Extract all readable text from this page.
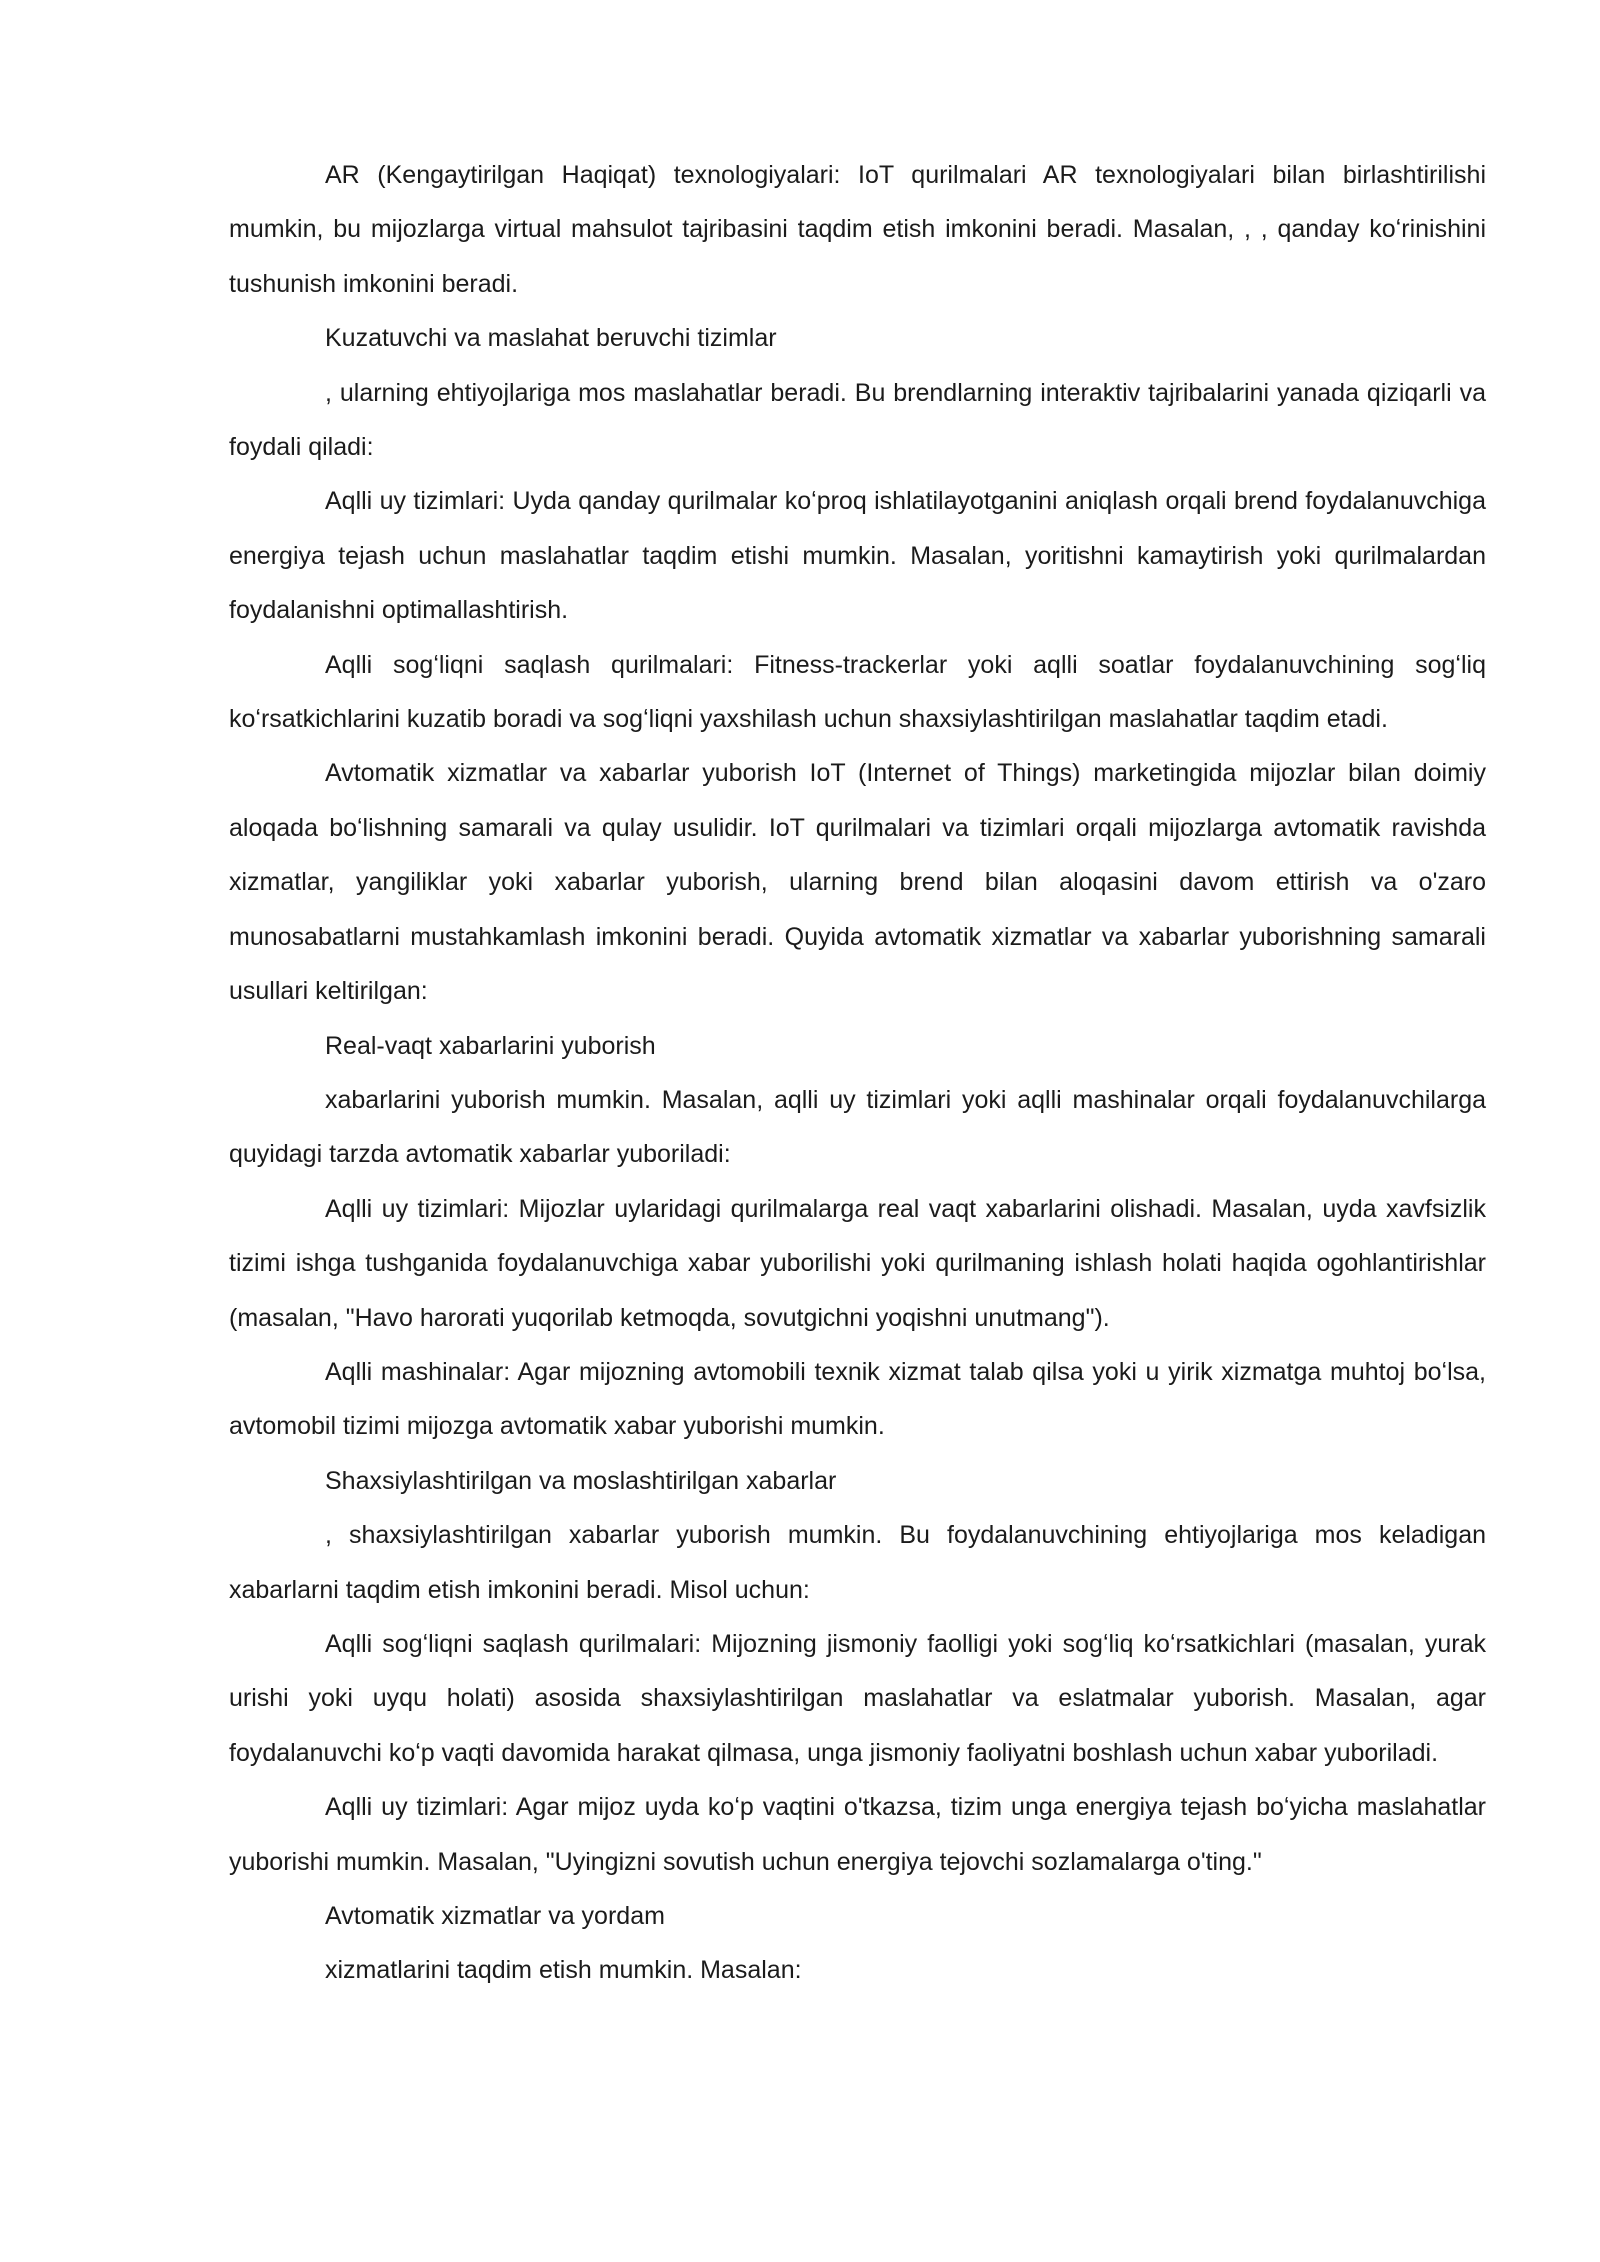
AR (Kengaytirilgan Haqiqat) texnologiyalari: IoT qurilmalari AR texnologiyalari bilan birlashtirilishi mumkin, bu mijozlarga virtual mahsulot tajribasini taqdim etish imkonini beradi. Masalan, , , qanday koʻrinishini tushunish imkonini beradi.

Kuzatuvchi va maslahat beruvchi tizimlar

, ularning ehtiyojlariga mos maslahatlar beradi. Bu brendlarning interaktiv tajribalarini yanada qiziqarli va foydali qiladi:

Aqlli uy tizimlari: Uyda qanday qurilmalar koʻproq ishlatilayotganini aniqlash orqali brend foydalanuvchiga energiya tejash uchun maslahatlar taqdim etishi mumkin. Masalan, yoritishni kamaytirish yoki qurilmalardan foydalanishni optimallashtirish.

Aqlli sogʻliqni saqlash qurilmalari: Fitness-trackerlar yoki aqlli soatlar foydalanuvchining sogʻliq koʻrsatkichlarini kuzatib boradi va sogʻliqni yaxshilash uchun shaxsiylashtirilgan maslahatlar taqdim etadi.

Avtomatik xizmatlar va xabarlar yuborish IoT (Internet of Things) marketingida mijozlar bilan doimiy aloqada boʻlishning samarali va qulay usulidir. IoT qurilmalari va tizimlari orqali mijozlarga avtomatik ravishda xizmatlar, yangiliklar yoki xabarlar yuborish, ularning brend bilan aloqasini davom ettirish va o'zaro munosabatlarni mustahkamlash imkonini beradi. Quyida avtomatik xizmatlar va xabarlar yuborishning samarali usullari keltirilgan:

Real-vaqt xabarlarini yuborish

xabarlarini yuborish mumkin. Masalan, aqlli uy tizimlari yoki aqlli mashinalar orqali foydalanuvchilarga quyidagi tarzda avtomatik xabarlar yuboriladi:

Aqlli uy tizimlari: Mijozlar uylaridagi qurilmalarga real vaqt xabarlarini olishadi. Masalan, uyda xavfsizlik tizimi ishga tushganida foydalanuvchiga xabar yuborilishi yoki qurilmaning ishlash holati haqida ogohlantirishlar (masalan, "Havo harorati yuqorilab ketmoqda, sovutgichni yoqishni unutmang").

Aqlli mashinalar: Agar mijozning avtomobili texnik xizmat talab qilsa yoki u yirik xizmatga muhtoj boʻlsa, avtomobil tizimi mijozga avtomatik xabar yuborishi mumkin.

Shaxsiylashtirilgan va moslashtirilgan xabarlar

, shaxsiylashtirilgan xabarlar yuborish mumkin. Bu foydalanuvchining ehtiyojlariga mos keladigan xabarlarni taqdim etish imkonini beradi. Misol uchun:

Aqlli sogʻliqni saqlash qurilmalari: Mijozning jismoniy faolligi yoki sogʻliq koʻrsatkichlari (masalan, yurak urishi yoki uyqu holati) asosida shaxsiylashtirilgan maslahatlar va eslatmalar yuborish. Masalan, agar foydalanuvchi koʻp vaqti davomida harakat qilmasa, unga jismoniy faoliyatni boshlash uchun xabar yuboriladi.

Aqlli uy tizimlari: Agar mijoz uyda koʻp vaqtini o'tkazsa, tizim unga energiya tejash boʻyicha maslahatlar yuborishi mumkin. Masalan, "Uyingizni sovutish uchun energiya tejovchi sozlamalarga o'ting."

Avtomatik xizmatlar va yordam

xizmatlarini taqdim etish mumkin. Masalan:
